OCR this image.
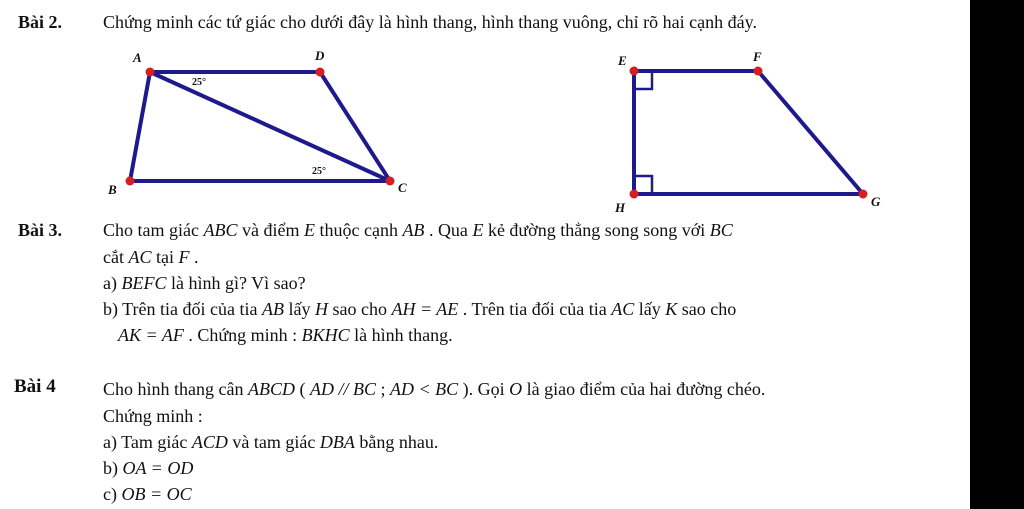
Bài 2. Chứng minh các tứ giác cho dưới đây là hình thang, hình thang vuông, chỉ rõ hai cạnh đáy.
A	D
B	C
25°
25°
E	F
H	G
Bài 3. Cho tam giác ABC và điểm E thuộc cạnh AB . Qua E kẻ đường thẳng song song với BC
cắt AC tại F .
a) BEFC là hình gì? Vì sao?
b) Trên tia đối của tia AB lấy H sao cho AH = AE . Trên tia đối của tia AC lấy K sao cho
AK = AF . Chứng minh : BKHC là hình thang.
Bài 4	Cho hình thang cân ABCD ( AD // BC ; AD < BC ). Gọi O là giao điểm của hai đường chéo.
Chứng minh :
a) Tam giác ACD và tam giác DBA bằng nhau.
b) OA = OD
c) OB = OC
